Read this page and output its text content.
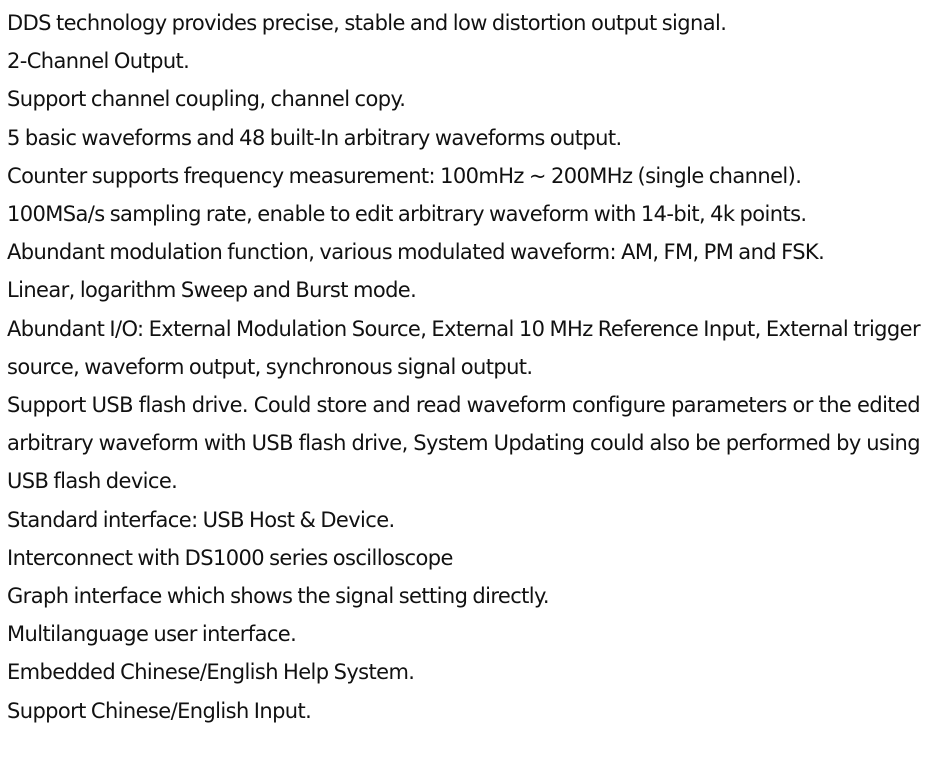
DDS technology provides precise, stable and low distortion output signal.

2-Channel Output.

Support channel coupling, channel copy.

5 basic waveforms and 48 built-In arbitrary waveforms output.

Counter supports frequency measurement: 100mHz ~ 200MHz (single channel).

100MSa/s sampling rate, enable to edit arbitrary waveform with 14-bit, 4k points.

Abundant modulation function, various modulated waveform: AM, FM, PM and FSK.

Linear, logarithm Sweep and Burst mode.

Abundant I/O: External Modulation Source, External 10 MHz Reference Input, External trigger source, waveform output, synchronous signal output.

Support USB flash drive. Could store and read waveform configure parameters or the edited arbitrary waveform with USB flash drive, System Updating could also be performed by using USB flash device.

Standard interface: USB Host & Device.

Interconnect with DS1000 series oscilloscope

Graph interface which shows the signal setting directly.

Multilanguage user interface.

Embedded Chinese/English Help System.

Support Chinese/English Input.
